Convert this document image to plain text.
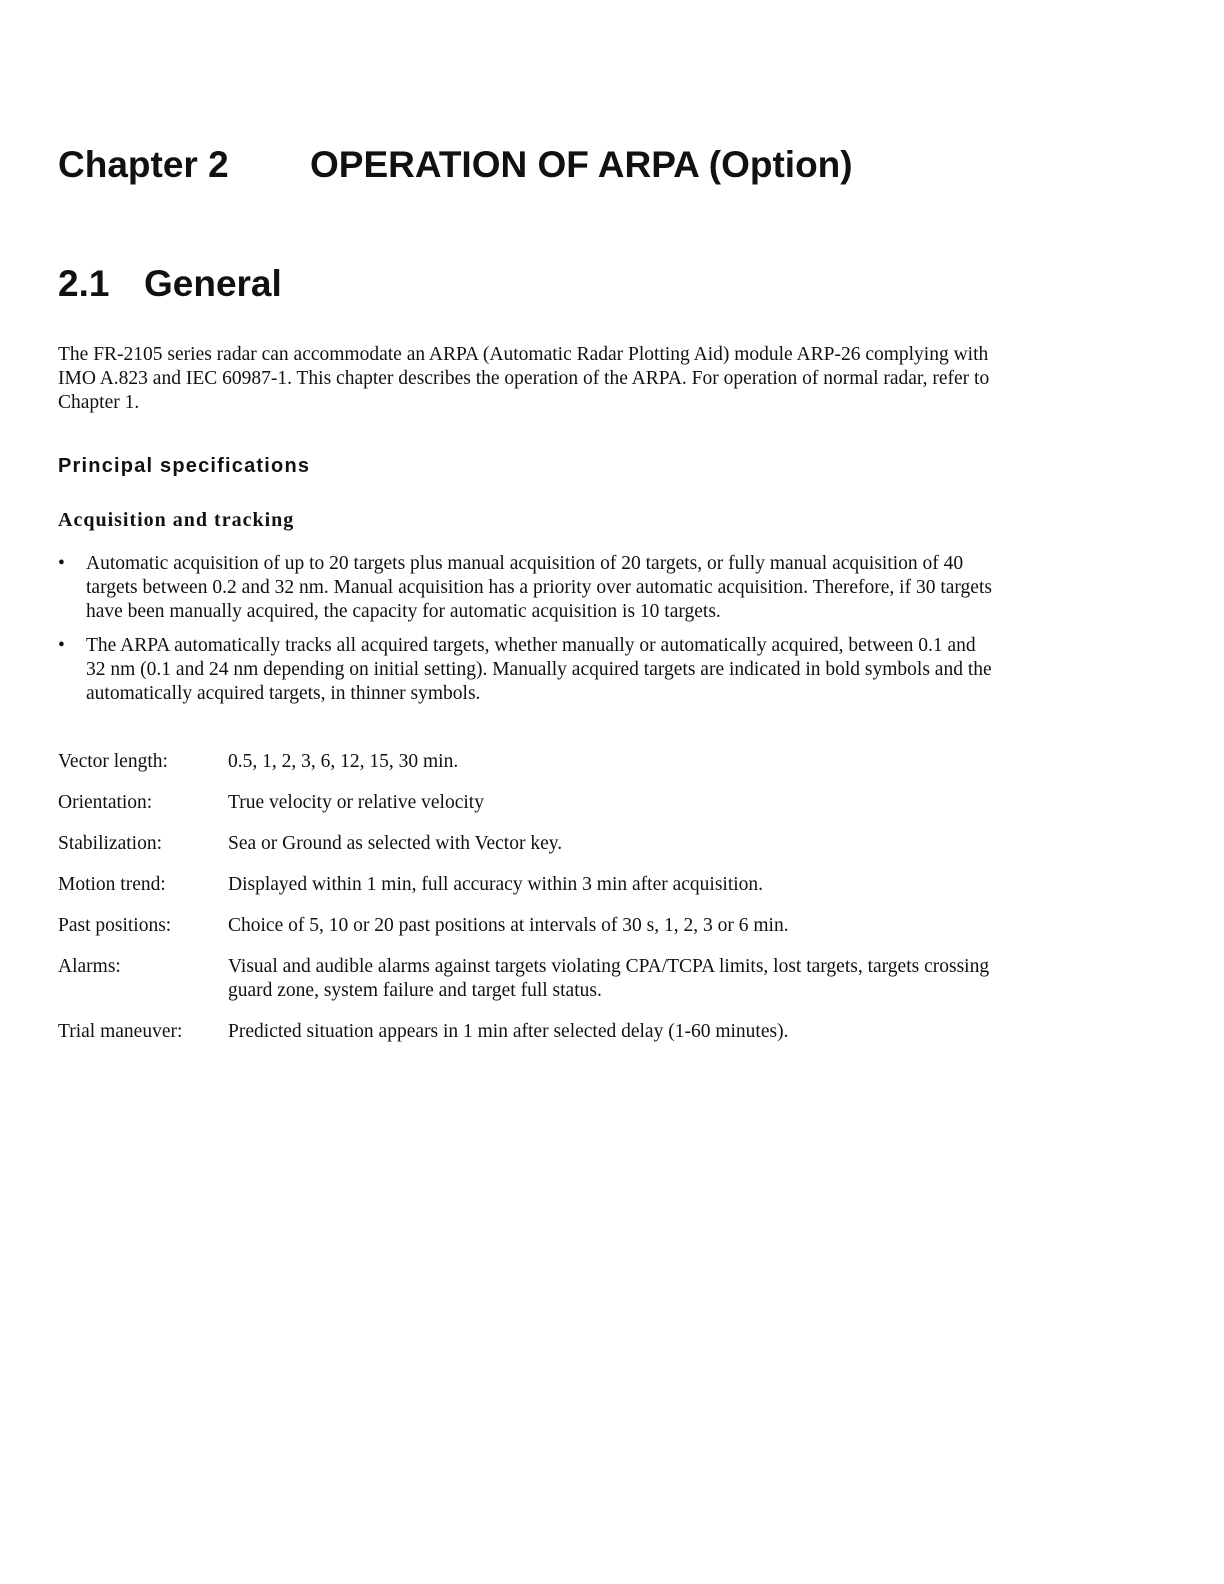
Chapter 2 OPERATION OF ARPA (Option)
2.1 General

The FR-2105 series radar can accommodate an ARPA (Automatic Radar Plotting Aid) module ARP-26 complying with IMO A.823 and IEC 60987-1. This chapter describes the operation of the ARPA. For operation of normal radar, refer to Chapter 1.

Principal specifications
Acquisition and tracking
•	Automatic acquisition of up to 20 targets plus manual acquisition of 20 targets, or fully manual acquisition of 40 targets between 0.2 and 32 nm. Manual acquisition has a priority over automatic acquisition. Therefore, if 30 targets have been manually acquired, the capacity for automatic acquisition is 10 targets.
•	The ARPA automatically tracks all acquired targets, whether manually or automatically acquired, between 0.1 and 32 nm (0.1 and 24 nm depending on initial setting). Manually acquired targets are indicated in bold symbols and the automatically acquired targets, in thinner symbols.
Vector length:	0.5, 1, 2, 3, 6, 12, 15, 30 min.
Orientation:	True velocity or relative velocity
Stabilization:	Sea or Ground as selected with Vector key.
Motion trend:	Displayed within 1 min, full accuracy within 3 min after acquisition.
Past positions:	Choice of 5, 10 or 20 past positions at intervals of 30 s, 1, 2, 3 or 6 min.
Alarms:	Visual and audible alarms against targets violating CPA/TCPA limits, lost targets, targets crossing guard zone, system failure and target full status.
Trial maneuver:	Predicted situation appears in 1 min after selected delay (1-60 minutes).
